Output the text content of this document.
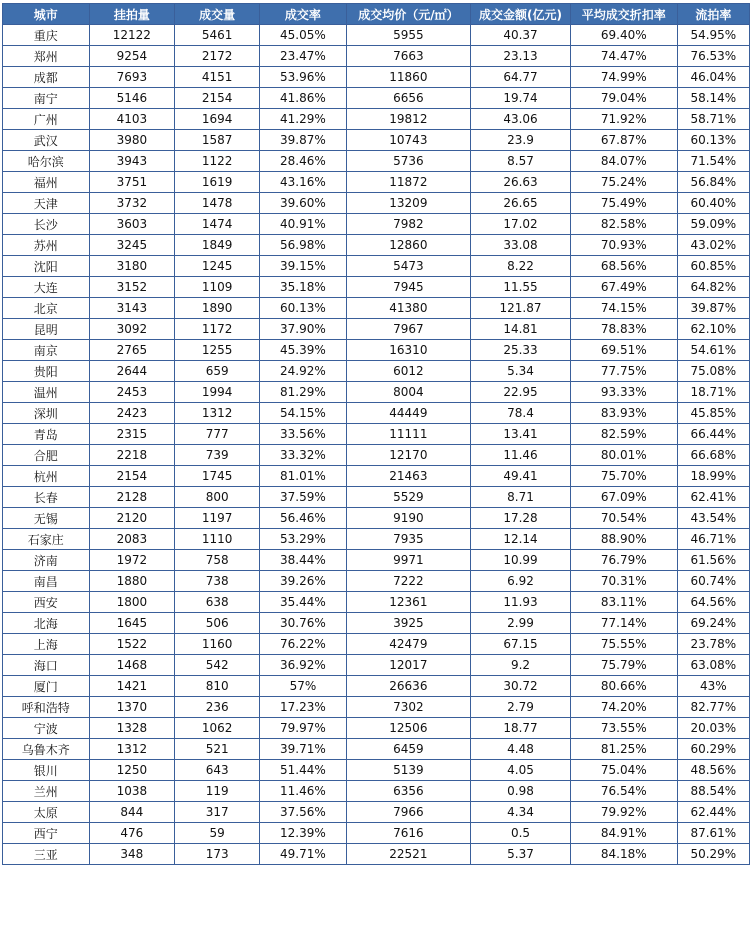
城市	挂拍量	成交量	成交率	成交均价（元/㎡）	成交金额(亿元)	平均成交折扣率	流拍率
重庆	12122	5461	45.05%	5955	40.37	69.40%	54.95%
郑州	9254	2172	23.47%	7663	23.13	74.47%	76.53%
成都	7693	4151	53.96%	11860	64.77	74.99%	46.04%
南宁	5146	2154	41.86%	6656	19.74	79.04%	58.14%
广州	4103	1694	41.29%	19812	43.06	71.92%	58.71%
武汉	3980	1587	39.87%	10743	23.9	67.87%	60.13%
哈尔滨	3943	1122	28.46%	5736	8.57	84.07%	71.54%
福州	3751	1619	43.16%	11872	26.63	75.24%	56.84%
天津	3732	1478	39.60%	13209	26.65	75.49%	60.40%
长沙	3603	1474	40.91%	7982	17.02	82.58%	59.09%
苏州	3245	1849	56.98%	12860	33.08	70.93%	43.02%
沈阳	3180	1245	39.15%	5473	8.22	68.56%	60.85%
大连	3152	1109	35.18%	7945	11.55	67.49%	64.82%
北京	3143	1890	60.13%	41380	121.87	74.15%	39.87%
昆明	3092	1172	37.90%	7967	14.81	78.83%	62.10%
南京	2765	1255	45.39%	16310	25.33	69.51%	54.61%
贵阳	2644	659	24.92%	6012	5.34	77.75%	75.08%
温州	2453	1994	81.29%	8004	22.95	93.33%	18.71%
深圳	2423	1312	54.15%	44449	78.4	83.93%	45.85%
青岛	2315	777	33.56%	11111	13.41	82.59%	66.44%
合肥	2218	739	33.32%	12170	11.46	80.01%	66.68%
杭州	2154	1745	81.01%	21463	49.41	75.70%	18.99%
长春	2128	800	37.59%	5529	8.71	67.09%	62.41%
无锡	2120	1197	56.46%	9190	17.28	70.54%	43.54%
石家庄	2083	1110	53.29%	7935	12.14	88.90%	46.71%
济南	1972	758	38.44%	9971	10.99	76.79%	61.56%
南昌	1880	738	39.26%	7222	6.92	70.31%	60.74%
西安	1800	638	35.44%	12361	11.93	83.11%	64.56%
北海	1645	506	30.76%	3925	2.99	77.14%	69.24%
上海	1522	1160	76.22%	42479	67.15	75.55%	23.78%
海口	1468	542	36.92%	12017	9.2	75.79%	63.08%
厦门	1421	810	57%	26636	30.72	80.66%	43%
呼和浩特	1370	236	17.23%	7302	2.79	74.20%	82.77%
宁波	1328	1062	79.97%	12506	18.77	73.55%	20.03%
乌鲁木齐	1312	521	39.71%	6459	4.48	81.25%	60.29%
银川	1250	643	51.44%	5139	4.05	75.04%	48.56%
兰州	1038	119	11.46%	6356	0.98	76.54%	88.54%
太原	844	317	37.56%	7966	4.34	79.92%	62.44%
西宁	476	59	12.39%	7616	0.5	84.91%	87.61%
三亚	348	173	49.71%	22521	5.37	84.18%	50.29%
